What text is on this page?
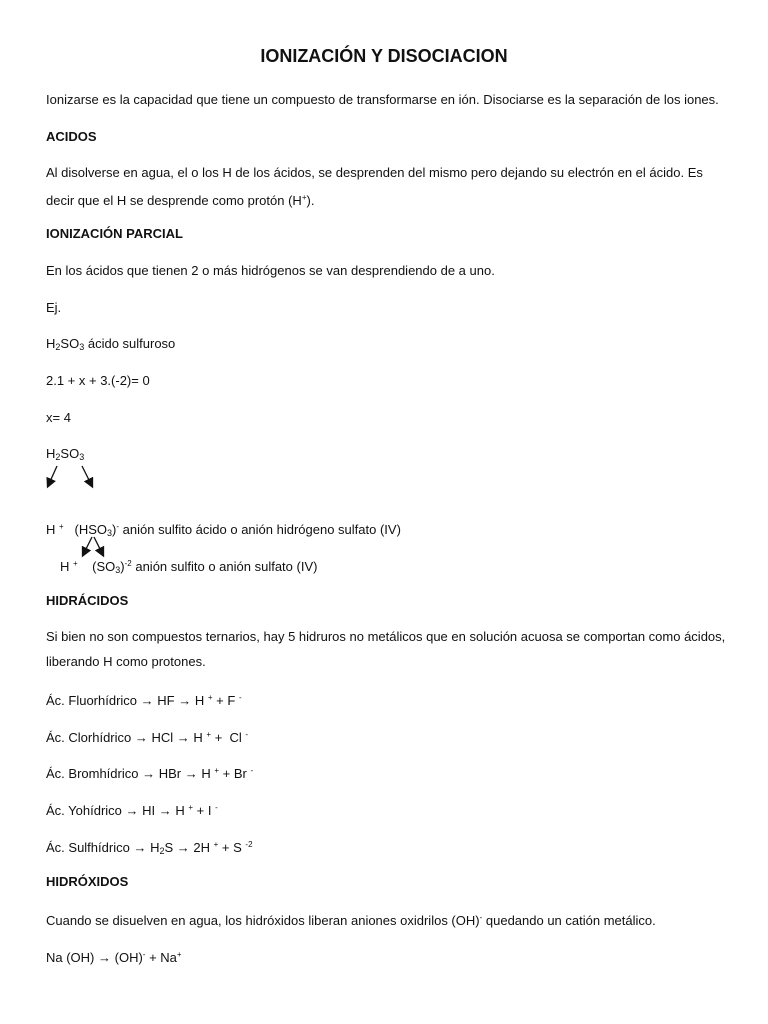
IONIZACIÓN Y DISOCIACION
Ionizarse es la capacidad que tiene un compuesto de transformarse en ión. Disociarse es la separación de los iones.
ACIDOS
Al disolverse en agua, el o los H de los ácidos, se desprenden del mismo pero dejando su electrón en el ácido. Es
decir que el H se desprende como protón (H+).
IONIZACIÓN PARCIAL
En los ácidos que tienen 2 o más hidrógenos se van desprendiendo de a uno.
Ej.
$H_2SO_3$ ácido sulfuroso
2.1 + x + 3.(-2)= 0
x= 4
$H_2SO_3$
H +   $(HSO_3)^-$ anión sulfito ácido o anión hidrógeno sulfato (IV)
H +    $(SO_3)^{-2}$ anión sulfito o anión sulfato (IV)
HIDRÁCIDOS
Si bien no son compuestos ternarios, hay 5 hidruros no metálicos que en solución acuosa se comportan como ácidos,
liberando H como protones.
Ác. Fluorhídrico → HF → H + + F -
Ác. Clorhídrico → HCl → H + +  Cl -
Ác. Bromhídrico → HBr → H + + Br -
Ác. Yohídrico → HI → H + + I -
Ác. Sulfhídrico → $H_2S \to 2H$ + + S $^{-2}$
HIDRÓXIDOS
Cuando se disuelven en agua, los hidróxidos liberan aniones oxidrilos (OH)- quedando un catión metálico.
Na (OH) → (OH)- + Na+
